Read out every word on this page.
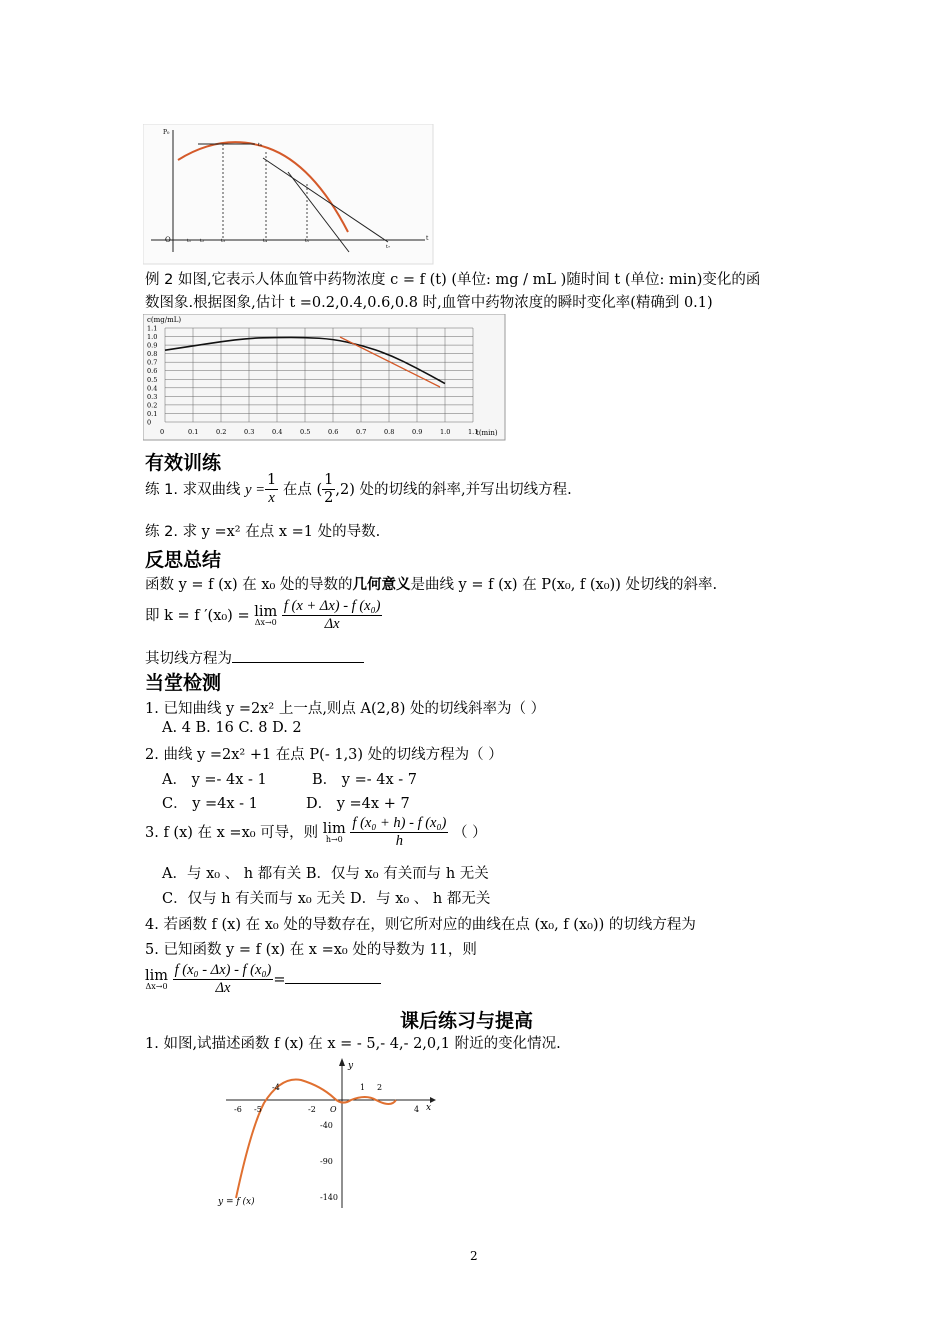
P₀
O	t
t₁ t₂	t₃	t₄	t₅
t₆
t₇
例 2 如图,它表示人体血管中药物浓度 c = f (t) (单位: mg / mL )随时间 t (单位: min)变化的函
数图象.根据图象,估计 t =0.2,0.4,0.6,0.8 时,血管中药物浓度的瞬时变化率(精确到 0.1)
1.1
1.0
0.9
0.8
0.7
0.6
0.5
0.4
0.3
0.2
0.1
0
0	0.1	0.2	0.3	0.4	0.5	0.6	0.7	0.8	0.9	1.0	1.1
c(mg/mL)
t(min)
有效训练
练 1. 求双曲线 $y = \frac{1}{x}$ 在点 ( $\frac{1}{2} ,2$) 处的切线的斜率,并写出切线方程.
练 2. 求 y =x² 在点 x =1 处的导数.
反思总结
函数 y = f (x) 在 x₀ 处的导数的几何意义是曲线 y = f (x) 在 P(x₀, f (x₀)) 处切线的斜率.
即 k = f ′(x₀) = lim
Δx→0
$\frac{\text{f (x + Δx) - f (x₀)}}{\Delta x}$
其切线方程为
当堂检测
1. 已知曲线 y =2x² 上一点,则点 A(2,8) 处的切线斜率为（ ）
A. 4 B. 16 C. 8 D. 2
2. 曲线 y =2x² +1 在点 P(- 1,3) 处的切线方程为（ ）
A． y =- 4x - 1	B． y =- 4x - 7
C． y =4x - 1	D． y =4x + 7
3. f (x) 在 x =x₀ 可导，则 lim
h→0
$\frac{\text{f (x₀ + h) - f (x₀)}}{h}$ （ ）
A．与 x₀ 、 h 都有关 B．仅与 x₀ 有关而与 h 无关
C．仅与 h 有关而与 x₀ 无关 D．与 x₀ 、 h 都无关
4. 若函数 f (x) 在 x₀ 处的导数存在，则它所对应的曲线在点 (x₀, f (x₀)) 的切线方程为
5. 已知函数 y = f (x) 在 x =x₀ 处的导数为 11，则
lim
Δx→0
$\frac{\text{f (x₀ - Δx) - f (x₀)}}{\Delta x}$ =
课后练习与提高
1. 如图,试描述函数 f (x) 在 x = - 5,- 4,- 2,0,1 附近的变化情况.
-6 -5
-4
-2 O
1 2
4
-40
-90
-140
x
y
y = f (x)
2
